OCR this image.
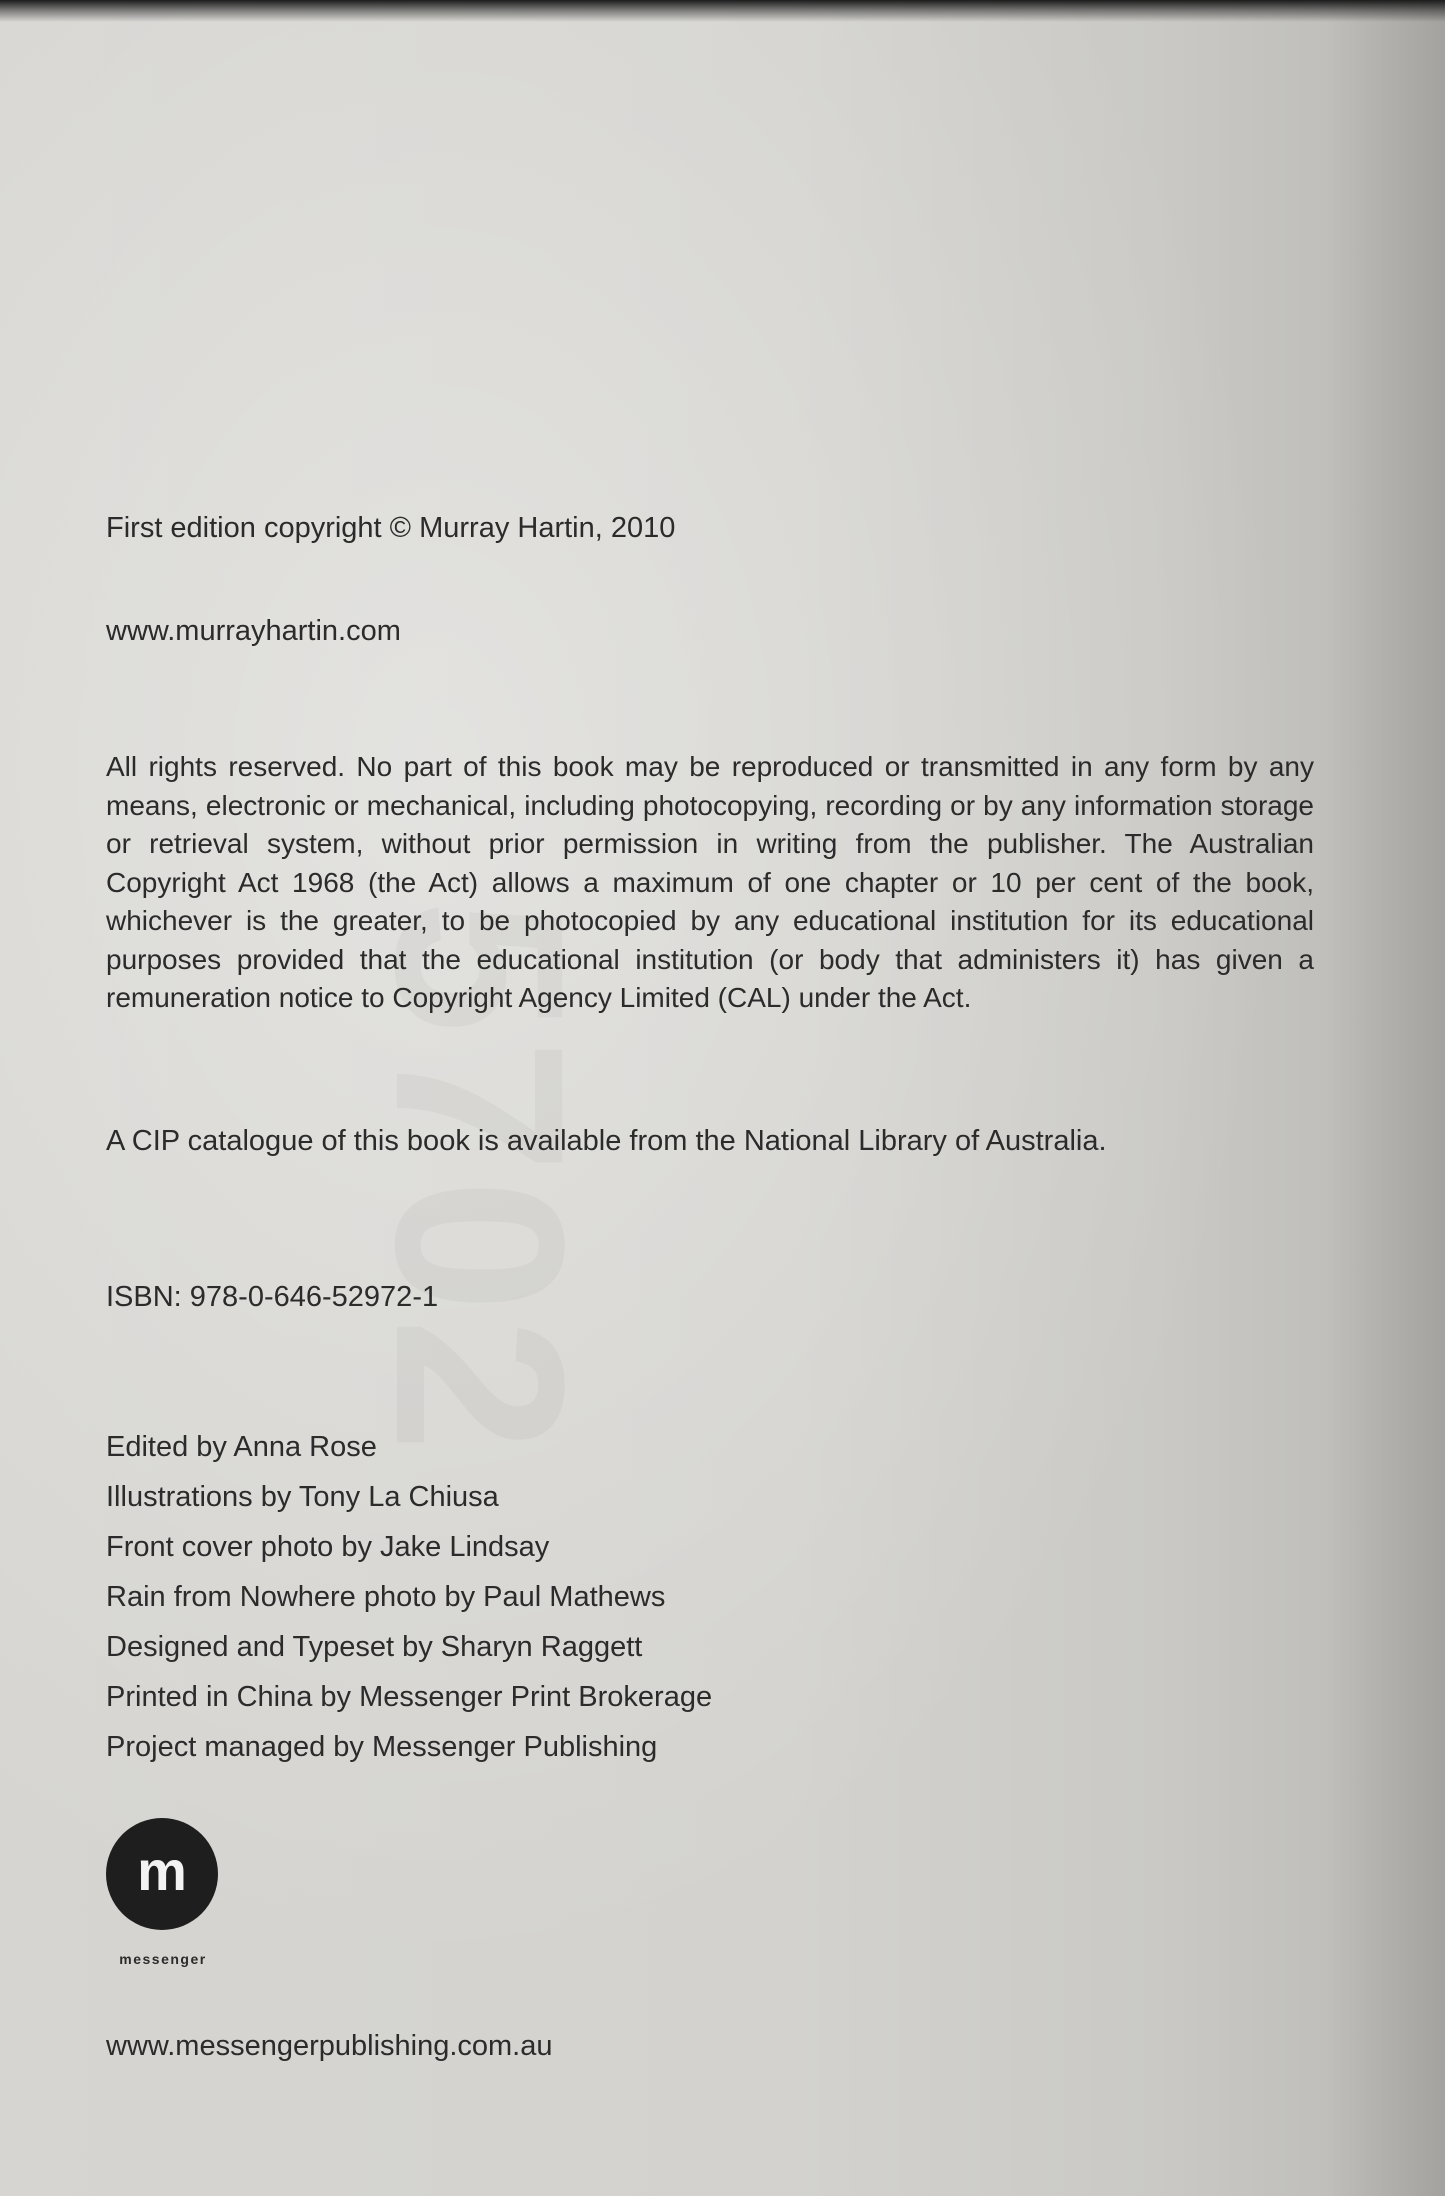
First edition copyright © Murray Hartin, 2010
www.murrayhartin.com
All rights reserved. No part of this book may be reproduced or transmitted in any form by any means, electronic or mechanical, including photocopying, recording or by any information storage or retrieval system, without prior permission in writing from the publisher. The Australian Copyright Act 1968 (the Act) allows a maximum of one chapter or 10 per cent of the book, whichever is the greater, to be photocopied by any educational institution for its educational purposes provided that the educational institution (or body that administers it) has given a remuneration notice to Copyright Agency Limited (CAL) under the Act.
A CIP catalogue of this book is available from the National Library of Australia.
ISBN: 978-0-646-52972-1
Edited by Anna Rose
Illustrations by Tony La Chiusa
Front cover photo by Jake Lindsay
Rain from Nowhere photo by Paul Mathews
Designed and Typeset by Sharyn Raggett
Printed in China by Messenger Print Brokerage
Project managed by Messenger Publishing
m
messenger
www.messengerpublishing.com.au
